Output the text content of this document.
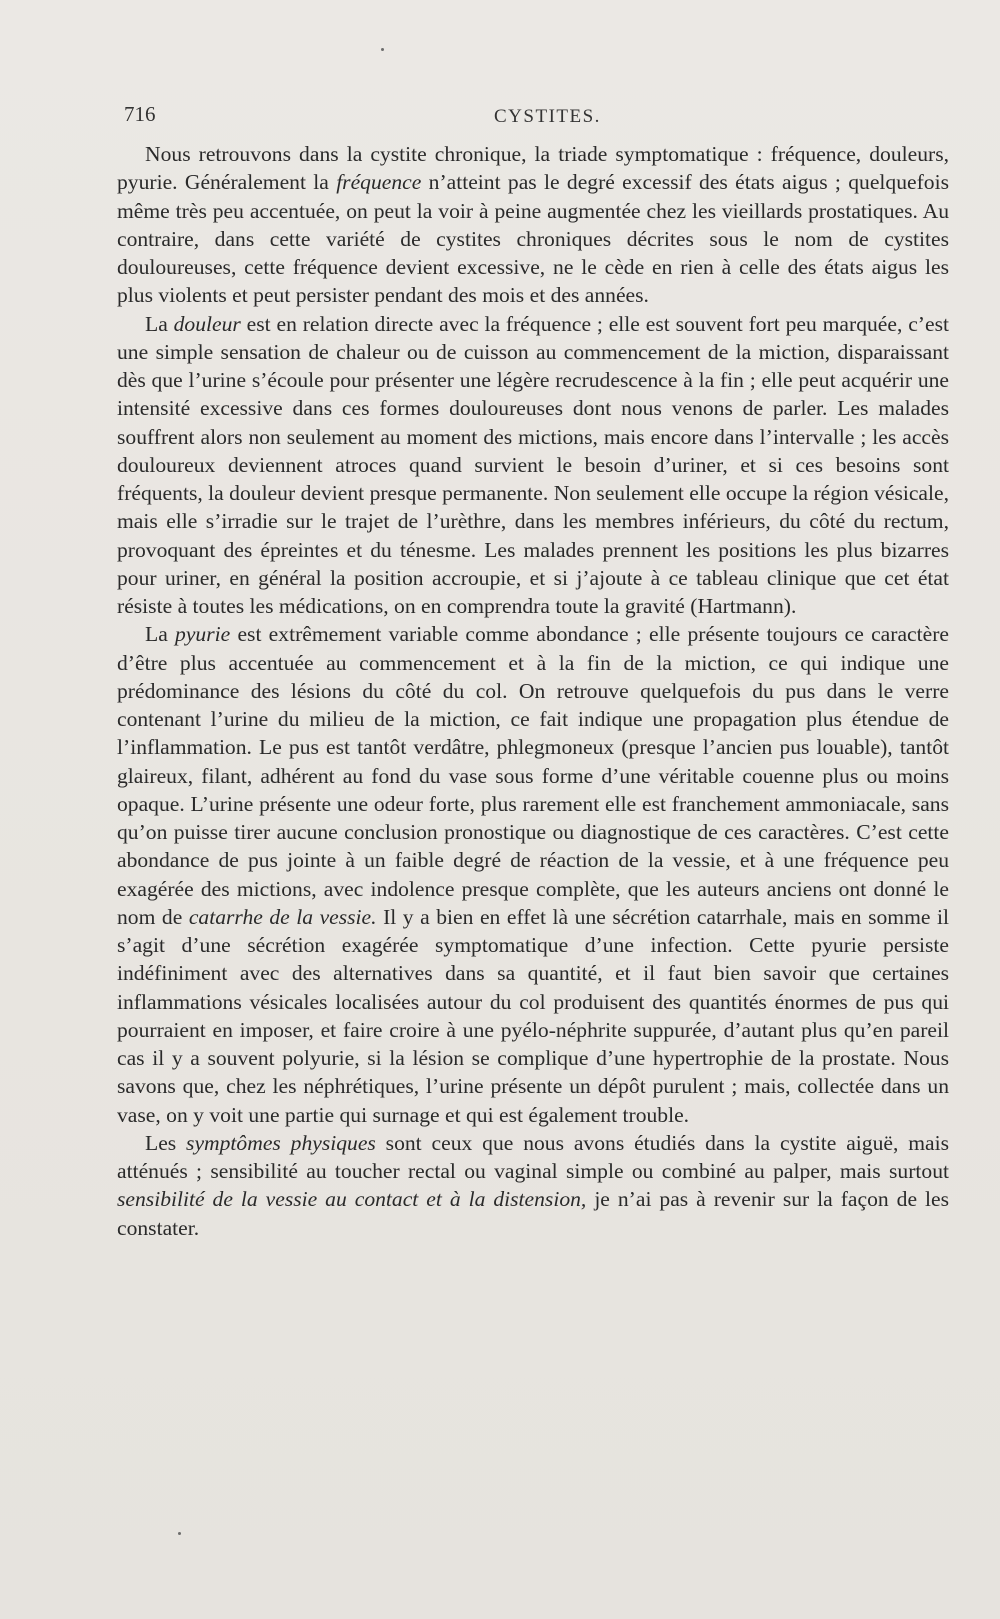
716	CYSTITES.

Nous retrouvons dans la cystite chronique, la triade symptomatique : fréquence, douleurs, pyurie. Généralement la fréquence n’atteint pas le degré excessif des états aigus ; quelquefois même très peu accentuée, on peut la voir à peine augmentée chez les vieillards prostatiques. Au contraire, dans cette variété de cystites chroniques décrites sous le nom de cystites douloureuses, cette fréquence devient excessive, ne le cède en rien à celle des états aigus les plus violents et peut persister pendant des mois et des années.

La douleur est en relation directe avec la fréquence ; elle est souvent fort peu marquée, c’est une simple sensation de chaleur ou de cuisson au commencement de la miction, disparaissant dès que l’urine s’écoule pour présenter une légère recrudescence à la fin ; elle peut acquérir une intensité excessive dans ces formes douloureuses dont nous venons de parler. Les malades souffrent alors non seulement au moment des mictions, mais encore dans l’intervalle ; les accès douloureux deviennent atroces quand survient le besoin d’uriner, et si ces besoins sont fréquents, la douleur devient presque permanente. Non seulement elle occupe la région vésicale, mais elle s’irradie sur le trajet de l’urèthre, dans les membres inférieurs, du côté du rectum, provoquant des épreintes et du ténesme. Les malades prennent les positions les plus bizarres pour uriner, en général la position accroupie, et si j’ajoute à ce tableau clinique que cet état résiste à toutes les médications, on en comprendra toute la gravité (Hartmann).

La pyurie est extrêmement variable comme abondance ; elle présente toujours ce caractère d’être plus accentuée au commencement et à la fin de la miction, ce qui indique une prédominance des lésions du côté du col. On retrouve quelquefois du pus dans le verre contenant l’urine du milieu de la miction, ce fait indique une propagation plus étendue de l’inflammation. Le pus est tantôt verdâtre, phlegmoneux (presque l’ancien pus louable), tantôt glaireux, filant, adhérent au fond du vase sous forme d’une véritable couenne plus ou moins opaque. L’urine présente une odeur forte, plus rarement elle est franchement ammoniacale, sans qu’on puisse tirer aucune conclusion pronostique ou diagnostique de ces caractères. C’est cette abondance de pus jointe à un faible degré de réaction de la vessie, et à une fréquence peu exagérée des mictions, avec indolence presque complète, que les auteurs anciens ont donné le nom de catarrhe de la vessie. Il y a bien en effet là une sécrétion catarrhale, mais en somme il s’agit d’une sécrétion exagérée symptomatique d’une infection. Cette pyurie persiste indéfiniment avec des alternatives dans sa quantité, et il faut bien savoir que certaines inflammations vésicales localisées autour du col produisent des quantités énormes de pus qui pourraient en imposer, et faire croire à une pyélo-néphrite suppurée, d’autant plus qu’en pareil cas il y a souvent polyurie, si la lésion se complique d’une hypertrophie de la prostate. Nous savons que, chez les néphrétiques, l’urine présente un dépôt purulent ; mais, collectée dans un vase, on y voit une partie qui surnage et qui est également trouble.

Les symptômes physiques sont ceux que nous avons étudiés dans la cystite aiguë, mais atténués ; sensibilité au toucher rectal ou vaginal simple ou combiné au palper, mais surtout sensibilité de la vessie au contact et à la distension, je n’ai pas à revenir sur la façon de les constater.
